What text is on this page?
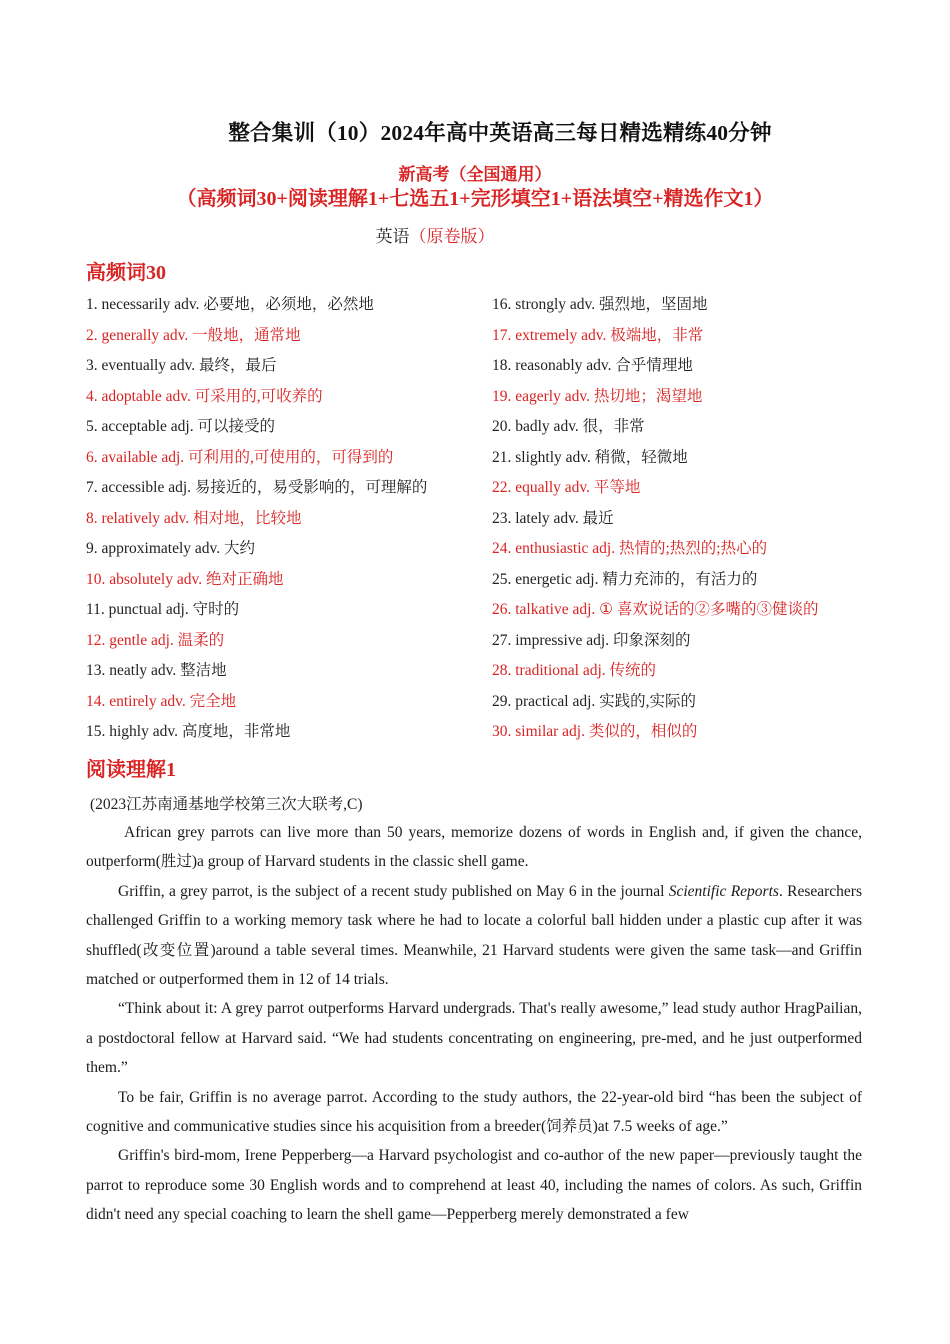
整合集训（10）2024年高中英语高三每日精选精练40分钟
新高考（全国通用）
（高频词30+阅读理解1+七选五1+完形填空1+语法填空+精选作文1）
英语（原卷版）
高频词30
1. necessarily adv. 必要地，必须地，必然地
2. generally adv. 一般地，通常地
3. eventually adv. 最终，最后
4. adoptable adv. 可采用的,可收养的
5. acceptable adj. 可以接受的
6. available adj. 可利用的,可使用的，可得到的
7. accessible adj. 易接近的，易受影响的，可理解的
8. relatively adv. 相对地，比较地
9. approximately adv. 大约
10. absolutely adv. 绝对正确地
11. punctual adj. 守时的
12. gentle adj. 温柔的
13. neatly adv. 整洁地
14. entirely adv. 完全地
15. highly adv. 高度地，非常地
16. strongly adv. 强烈地，坚固地
17. extremely adv. 极端地，非常
18. reasonably adv. 合乎情理地
19. eagerly adv. 热切地；渴望地
20. badly adv. 很，非常
21. slightly adv. 稍微，轻微地
22. equally adv. 平等地
23. lately adv. 最近
24. enthusiastic adj. 热情的;热烈的;热心的
25. energetic adj. 精力充沛的，有活力的
26. talkative adj. ① 喜欢说话的②多嘴的③健谈的
27. impressive adj. 印象深刻的
28. traditional adj. 传统的
29. practical adj. 实践的,实际的
30. similar adj. 类似的，相似的
阅读理解1
(2023江苏南通基地学校第三次大联考,C)

African grey parrots can live more than 50 years, memorize dozens of words in English and, if given the chance, outperform(胜过)a group of Harvard students in the classic shell game.

Griffin, a grey parrot, is the subject of a recent study published on May 6 in the journal Scientific Reports. Researchers challenged Griffin to a working memory task where he had to locate a colorful ball hidden under a plastic cup after it was shuffled(改变位置)around a table several times. Meanwhile, 21 Harvard students were given the same task—and Griffin matched or outperformed them in 12 of 14 trials.

“Think about it: A grey parrot outperforms Harvard undergrads. That's really awesome,” lead study author HragPailian, a postdoctoral fellow at Harvard said. “We had students concentrating on engineering, pre-med, and he just outperformed them.”

To be fair, Griffin is no average parrot. According to the study authors, the 22-year-old bird “has been the subject of cognitive and communicative studies since his acquisition from a breeder(饲养员)at 7.5 weeks of age.”

Griffin's bird-mom, Irene Pepperberg—a Harvard psychologist and co-author of the new paper—previously taught the parrot to reproduce some 30 English words and to comprehend at least 40, including the names of colors. As such, Griffin didn't need any special coaching to learn the shell game—Pepperberg merely demonstrated a few
